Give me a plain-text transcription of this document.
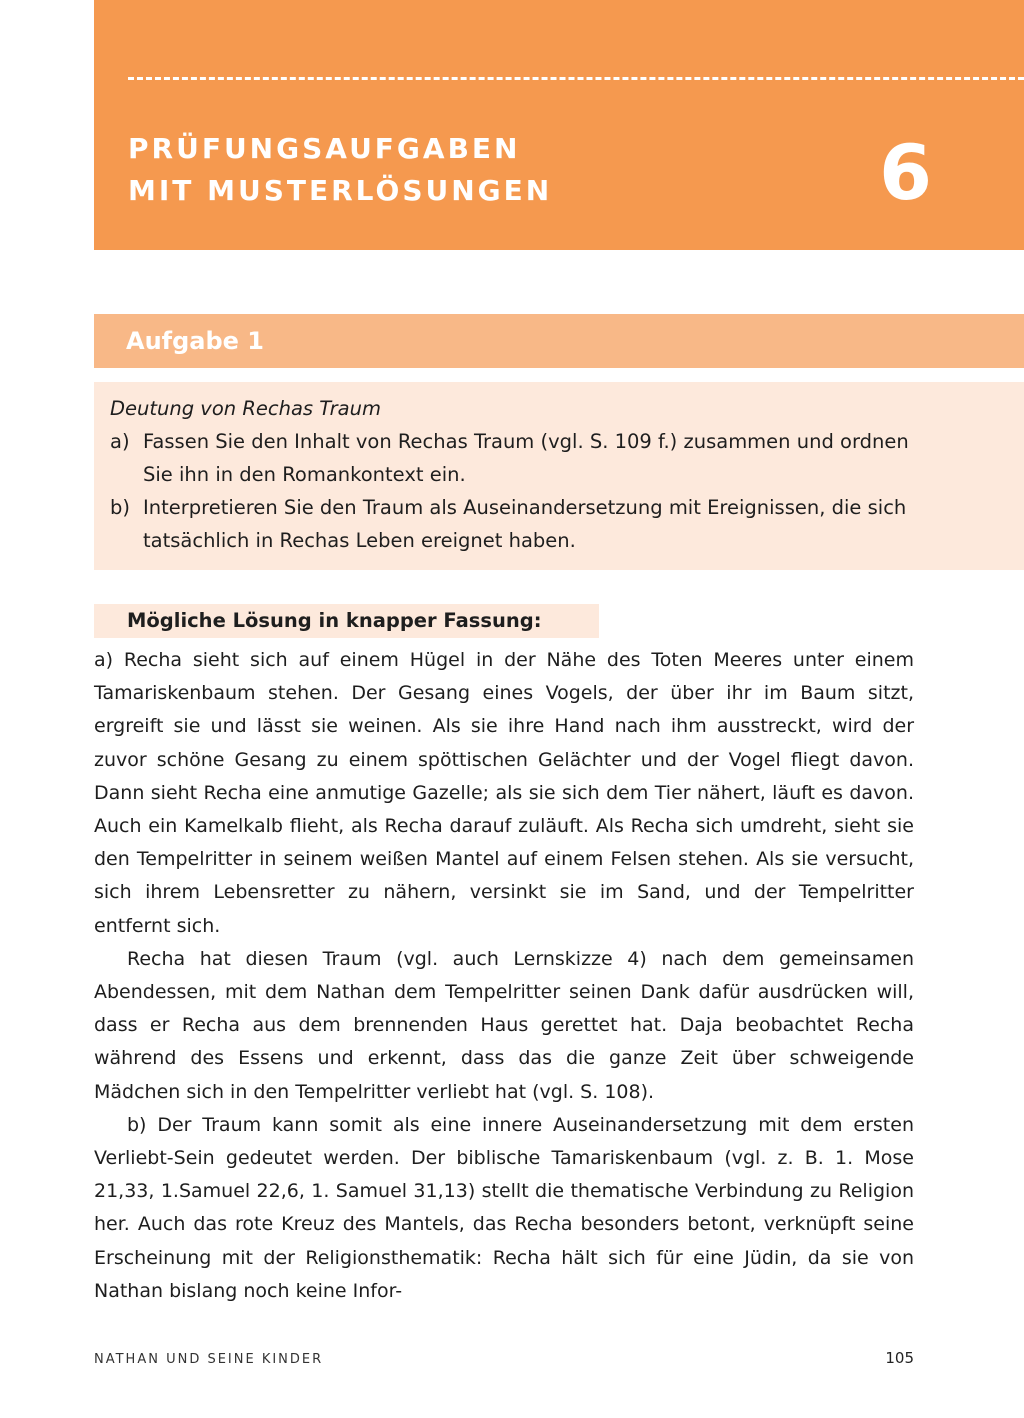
PRÜFUNGSAUFGABEN
MIT MUSTERLÖSUNGEN	6
Aufgabe 1

Deutung von Rechas Traum

a) Fassen Sie den Inhalt von Rechas Traum (vgl. S. 109 f.) zusammen und ordnen Sie ihn in den Romankontext ein.
b) Interpretieren Sie den Traum als Auseinandersetzung mit Ereignissen, die sich tatsächlich in Rechas Leben ereignet haben.
Mögliche Lösung in knapper Fassung:

a) Recha sieht sich auf einem Hügel in der Nähe des Toten Meeres unter einem Tamariskenbaum stehen. Der Gesang eines Vogels, der über ihr im Baum sitzt, ergreift sie und lässt sie weinen. Als sie ihre Hand nach ihm ausstreckt, wird der zuvor schöne Gesang zu einem spöttischen Gelächter und der Vogel fliegt davon. Dann sieht Recha eine anmutige Gazelle; als sie sich dem Tier nähert, läuft es davon. Auch ein Kamelkalb flieht, als Recha darauf zuläuft. Als Recha sich umdreht, sieht sie den Tempelritter in seinem weißen Mantel auf einem Felsen stehen. Als sie versucht, sich ihrem Lebensretter zu nähern, versinkt sie im Sand, und der Tempelritter entfernt sich.

Recha hat diesen Traum (vgl. auch Lernskizze 4) nach dem gemeinsamen Abendessen, mit dem Nathan dem Tempelritter seinen Dank dafür ausdrücken will, dass er Recha aus dem brennenden Haus gerettet hat. Daja beobachtet Recha während des Essens und erkennt, dass das die ganze Zeit über schweigende Mädchen sich in den Tempelritter verliebt hat (vgl. S. 108).

b) Der Traum kann somit als eine innere Auseinandersetzung mit dem ersten Verliebt-Sein gedeutet werden. Der biblische Tamariskenbaum (vgl. z. B. 1. Mose 21,33, 1.Samuel 22,6, 1. Samuel 31,13) stellt die thematische Verbindung zu Religion her. Auch das rote Kreuz des Mantels, das Recha besonders betont, verknüpft seine Erscheinung mit der Religionsthematik: Recha hält sich für eine Jüdin, da sie von Nathan bislang noch keine Infor-

NATHAN UND SEINE KINDER	105
